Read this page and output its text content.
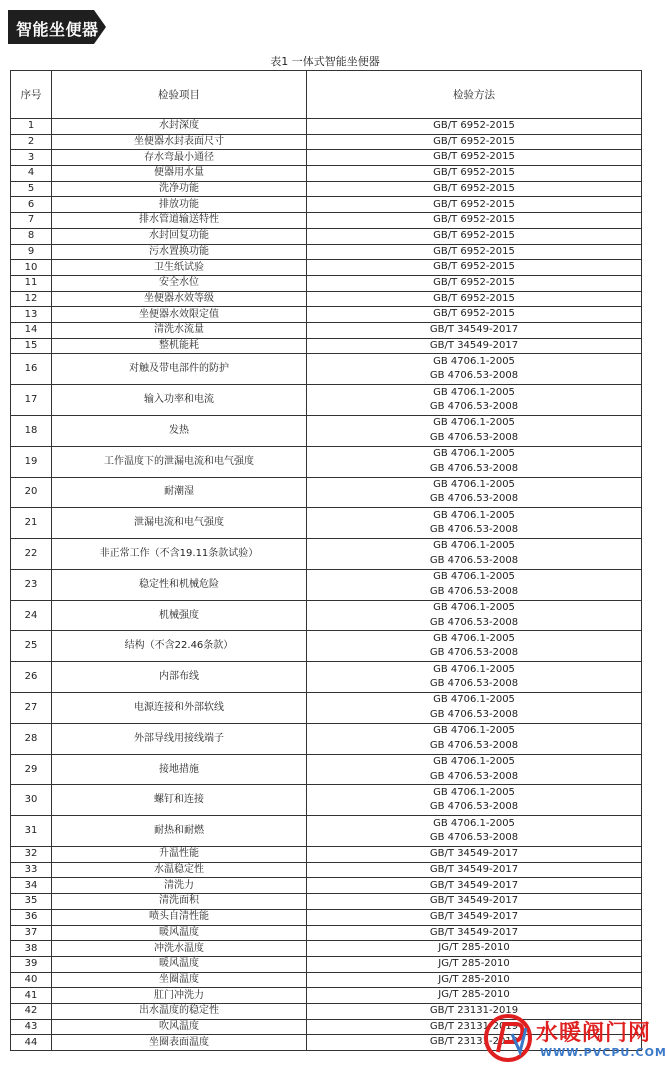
智能坐便器
表1 一体式智能坐便器
序号	检验项目	检验方法
1	水封深度	GB/T 6952-2015

2	坐便器水封表面尺寸	GB/T 6952-2015

3	存水弯最小通径	GB/T 6952-2015

4	便器用水量	GB/T 6952-2015

5	洗净功能	GB/T 6952-2015

6	排放功能	GB/T 6952-2015

7	排水管道输送特性	GB/T 6952-2015

8	水封回复功能	GB/T 6952-2015

9	污水置换功能	GB/T 6952-2015

10	卫生纸试验	GB/T 6952-2015

11	安全水位	GB/T 6952-2015

12	坐便器水效等级	GB/T 6952-2015

13	坐便器水效限定值	GB/T 6952-2015

14	清洗水流量	GB/T 34549-2017

15	整机能耗	GB/T 34549-2017

16	对触及带电部件的防护	GB 4706.1-2005
GB 4706.53-2008

17	输入功率和电流	GB 4706.1-2005
GB 4706.53-2008

18	发热	GB 4706.1-2005
GB 4706.53-2008

19	工作温度下的泄漏电流和电气强度	GB 4706.1-2005
GB 4706.53-2008

20	耐潮湿	GB 4706.1-2005
GB 4706.53-2008

21	泄漏电流和电气强度	GB 4706.1-2005
GB 4706.53-2008

22	非正常工作（不含19.11条款试验）	GB 4706.1-2005
GB 4706.53-2008

23	稳定性和机械危险	GB 4706.1-2005
GB 4706.53-2008

24	机械强度	GB 4706.1-2005
GB 4706.53-2008

25	结构（不含22.46条款）	GB 4706.1-2005
GB 4706.53-2008

26	内部布线	GB 4706.1-2005
GB 4706.53-2008

27	电源连接和外部软线	GB 4706.1-2005
GB 4706.53-2008

28	外部导线用接线端子	GB 4706.1-2005
GB 4706.53-2008

29	接地措施	GB 4706.1-2005
GB 4706.53-2008

30	螺钉和连接	GB 4706.1-2005
GB 4706.53-2008

31	耐热和耐燃	GB 4706.1-2005
GB 4706.53-2008

32	升温性能	GB/T 34549-2017

33	水温稳定性	GB/T 34549-2017

34	清洗力	GB/T 34549-2017

35	清洗面积	GB/T 34549-2017

36	喷头自清性能	GB/T 34549-2017

37	暖风温度	GB/T 34549-2017

38	冲洗水温度	JG/T 285-2010

39	暖风温度	JG/T 285-2010

40	坐圈温度	JG/T 285-2010

41	肛门冲洗力	JG/T 285-2010

42	出水温度的稳定性	GB/T 23131-2019

43	吹风温度	GB/T 23131-2019

44	坐圈表面温度	GB/T 23131-2019 水暖阀门网
WWW.PVCPU.COM
